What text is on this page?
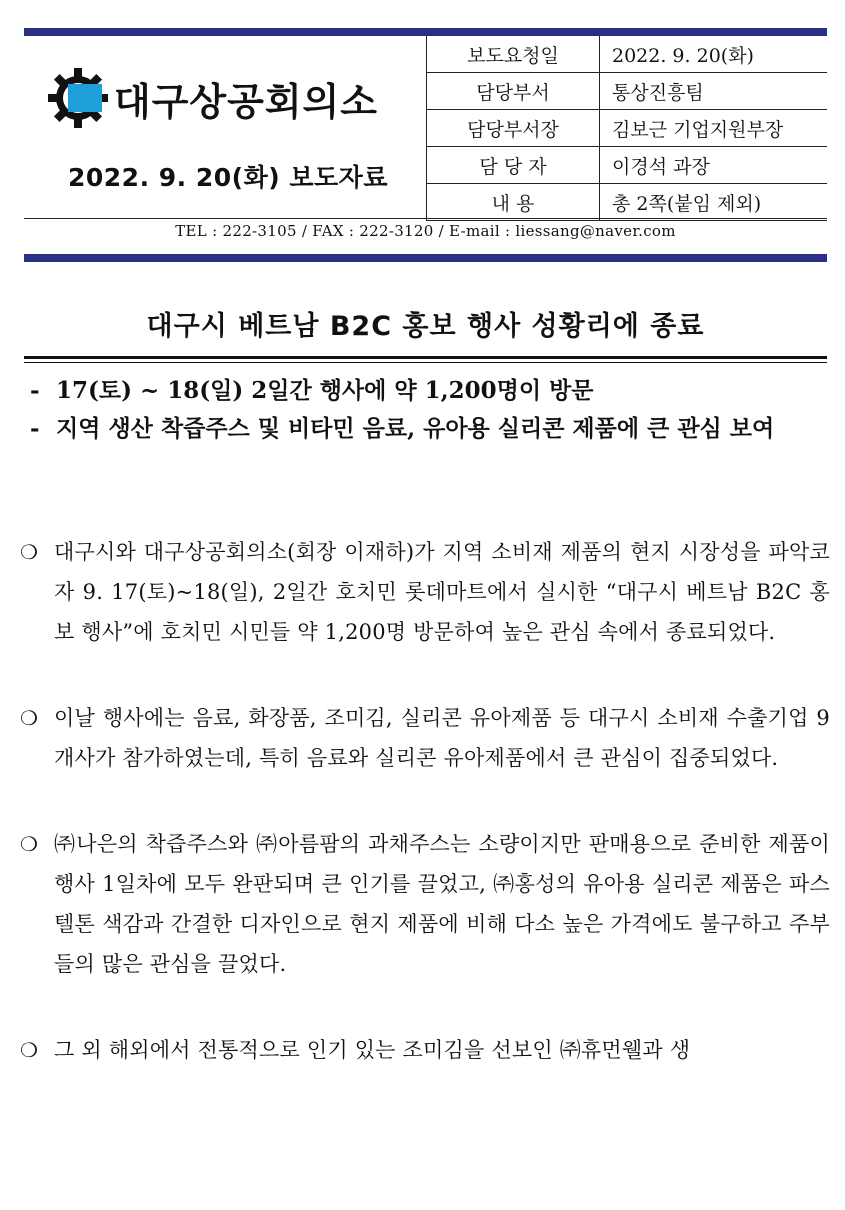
대구상공회의소
2022. 9. 20(화) 보도자료
보도요청일	2022. 9. 20(화)
담당부서	통상진흥팀
담당부서장	김보근 기업지원부장
담 당 자	이경석 과장
내 용	총 2쪽(붙임 제외)
TEL : 222-3105 / FAX : 222-3120 / E-mail : liessang@naver.com
대구시 베트남 B2C 홍보 행사 성황리에 종료
- 17(토) ~ 18(일) 2일간 행사에 약 1,200명이 방문
- 지역 생산 착즙주스 및 비타민 음료, 유아용 실리콘 제품에 큰 관심 보여
❍ 대구시와 대구상공회의소(회장 이재하)가 지역 소비재 제품의 현지 시장성을 파악코자 9. 17(토)~18(일), 2일간 호치민 롯데마트에서 실시한 “대구시 베트남 B2C 홍보 행사”에 호치민 시민들 약 1,200명 방문하여 높은 관심 속에서 종료되었다.
❍ 이날 행사에는 음료, 화장품, 조미김, 실리콘 유아제품 등 대구시 소비재 수출기업 9개사가 참가하였는데, 특히 음료와 실리콘 유아제품에서 큰 관심이 집중되었다.
❍ ㈜나은의 착즙주스와 ㈜아름팜의 과채주스는 소량이지만 판매용으로 준비한 제품이 행사 1일차에 모두 완판되며 큰 인기를 끌었고, ㈜홍성의 유아용 실리콘 제품은 파스텔톤 색감과 간결한 디자인으로 현지 제품에 비해 다소 높은 가격에도 불구하고 주부들의 많은 관심을 끌었다.
❍ 그 외 해외에서 전통적으로 인기 있는 조미김을 선보인 ㈜휴먼웰과 생
